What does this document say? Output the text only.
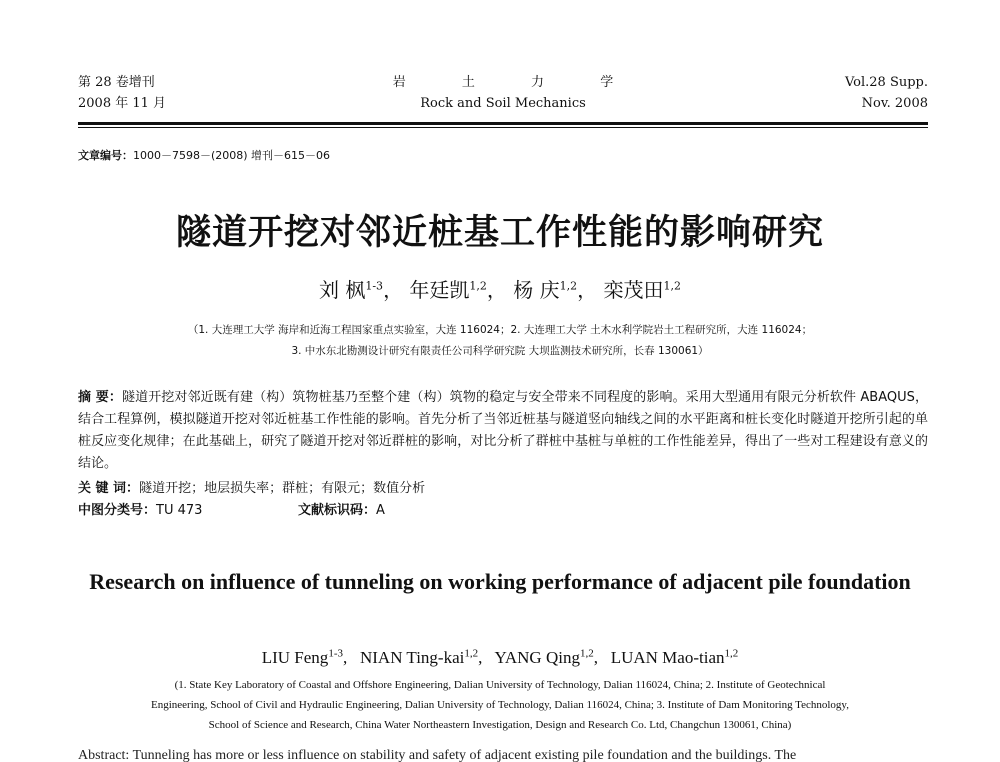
第 28 卷增刊
2008 年 11 月
岩 土 力 学
Rock and Soil Mechanics
Vol.28 Supp.
Nov. 2008
文章编号：1000－7598－(2008) 增刊－615－06
隧道开挖对邻近桩基工作性能的影响研究
刘 枫$^{1-3}$， 年廷凯$^{1,2}$， 杨 庆$^{1,2}$， 栾茂田$^{1,2}$
（1. 大连理工大学 海岸和近海工程国家重点实验室，大连 116024；2. 大连理工大学 土木水利学院岩土工程研究所，大连 116024；
3. 中水东北勘测设计研究有限责任公司科学研究院 大坝监测技术研究所，长春 130061）
摘 要：隧道开挖对邻近既有建（构）筑物桩基乃至整个建（构）筑物的稳定与安全带来不同程度的影响。采用大型通用有限元分析软件 ABAQUS，结合工程算例，模拟隧道开挖对邻近桩基工作性能的影响。首先分析了当邻近桩基与隧道竖向轴线之间的水平距离和桩长变化时隧道开挖所引起的单桩反应变化规律；在此基础上，研究了隧道开挖对邻近群桩的影响，对比分析了群桩中基桩与单桩的工作性能差异，得出了一些对工程建设有意义的结论。
关 键 词：隧道开挖；地层损失率；群桩；有限元；数值分析
中图分类号：TU 473	文献标识码：A
Research on influence of tunneling on working performance of adjacent pile foundation
LIU Feng$^{1-3}$,   NIAN Ting-kai$^{1,2}$,   YANG Qing$^{1,2}$,   LUAN Mao-tian$^{1,2}$
(1. State Key Laboratory of Coastal and Offshore Engineering, Dalian University of Technology, Dalian 116024, China; 2. Institute of Geotechnical
Engineering, School of Civil and Hydraulic Engineering, Dalian University of Technology, Dalian 116024, China; 3. Institute of Dam Monitoring Technology,
School of Science and Research, China Water Northeastern Investigation, Design and Research Co. Ltd, Changchun 130061, China)
Abstract: Tunneling has more or less influence on stability and safety of adjacent existing pile foundation and the buildings. The
